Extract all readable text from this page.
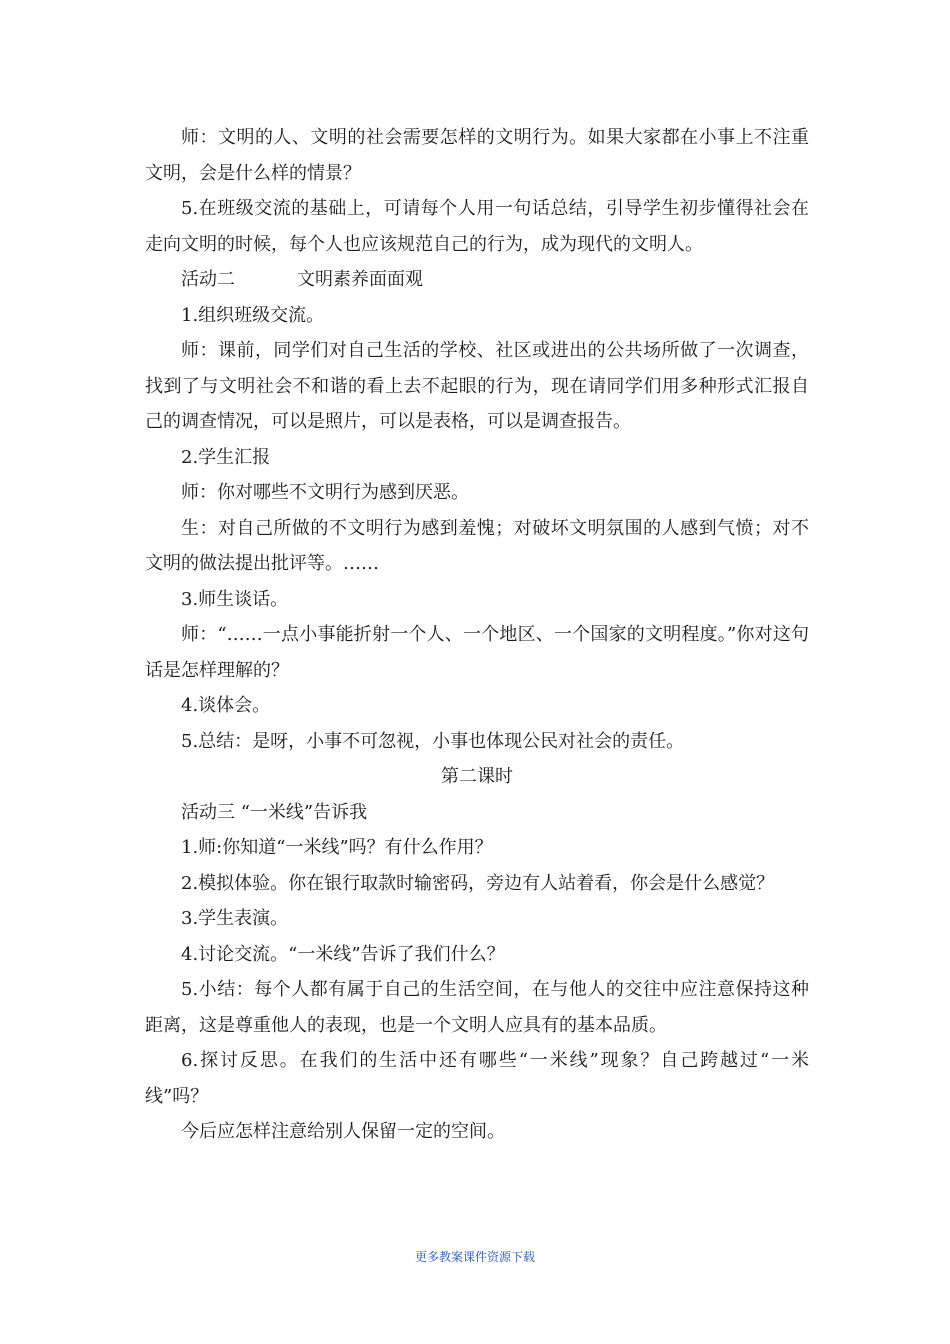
师：文明的人、文明的社会需要怎样的文明行为。如果大家都在小事上不注重文明，会是什么样的情景？

5.在班级交流的基础上，可请每个人用一句话总结，引导学生初步懂得社会在走向文明的时候，每个人也应该规范自己的行为，成为现代的文明人。

活动二	文明素养面面观

1.组织班级交流。

师：课前，同学们对自己生活的学校、社区或进出的公共场所做了一次调查，找到了与文明社会不和谐的看上去不起眼的行为，现在请同学们用多种形式汇报自己的调查情况，可以是照片，可以是表格，可以是调查报告。

2.学生汇报

师：你对哪些不文明行为感到厌恶。

生：对自己所做的不文明行为感到羞愧；对破坏文明氛围的人感到气愤；对不文明的做法提出批评等。……

3.师生谈话。

师：“……一点小事能折射一个人、一个地区、一个国家的文明程度。”你对这句话是怎样理解的？

4.谈体会。

5.总结：是呀，小事不可忽视，小事也体现公民对社会的责任。

第二课时

活动三 “一米线”告诉我

1.师:你知道“一米线”吗？有什么作用？

2.模拟体验。你在银行取款时输密码，旁边有人站着看，你会是什么感觉？

3.学生表演。

4.讨论交流。“一米线”告诉了我们什么？

5.小结：每个人都有属于自己的生活空间，在与他人的交往中应注意保持这种距离，这是尊重他人的表现，也是一个文明人应具有的基本品质。

6.探讨反思。在我们的生活中还有哪些“一米线”现象？自己跨越过“一米线”吗？

今后应怎样注意给别人保留一定的空间。

更多教案课件资源下载
